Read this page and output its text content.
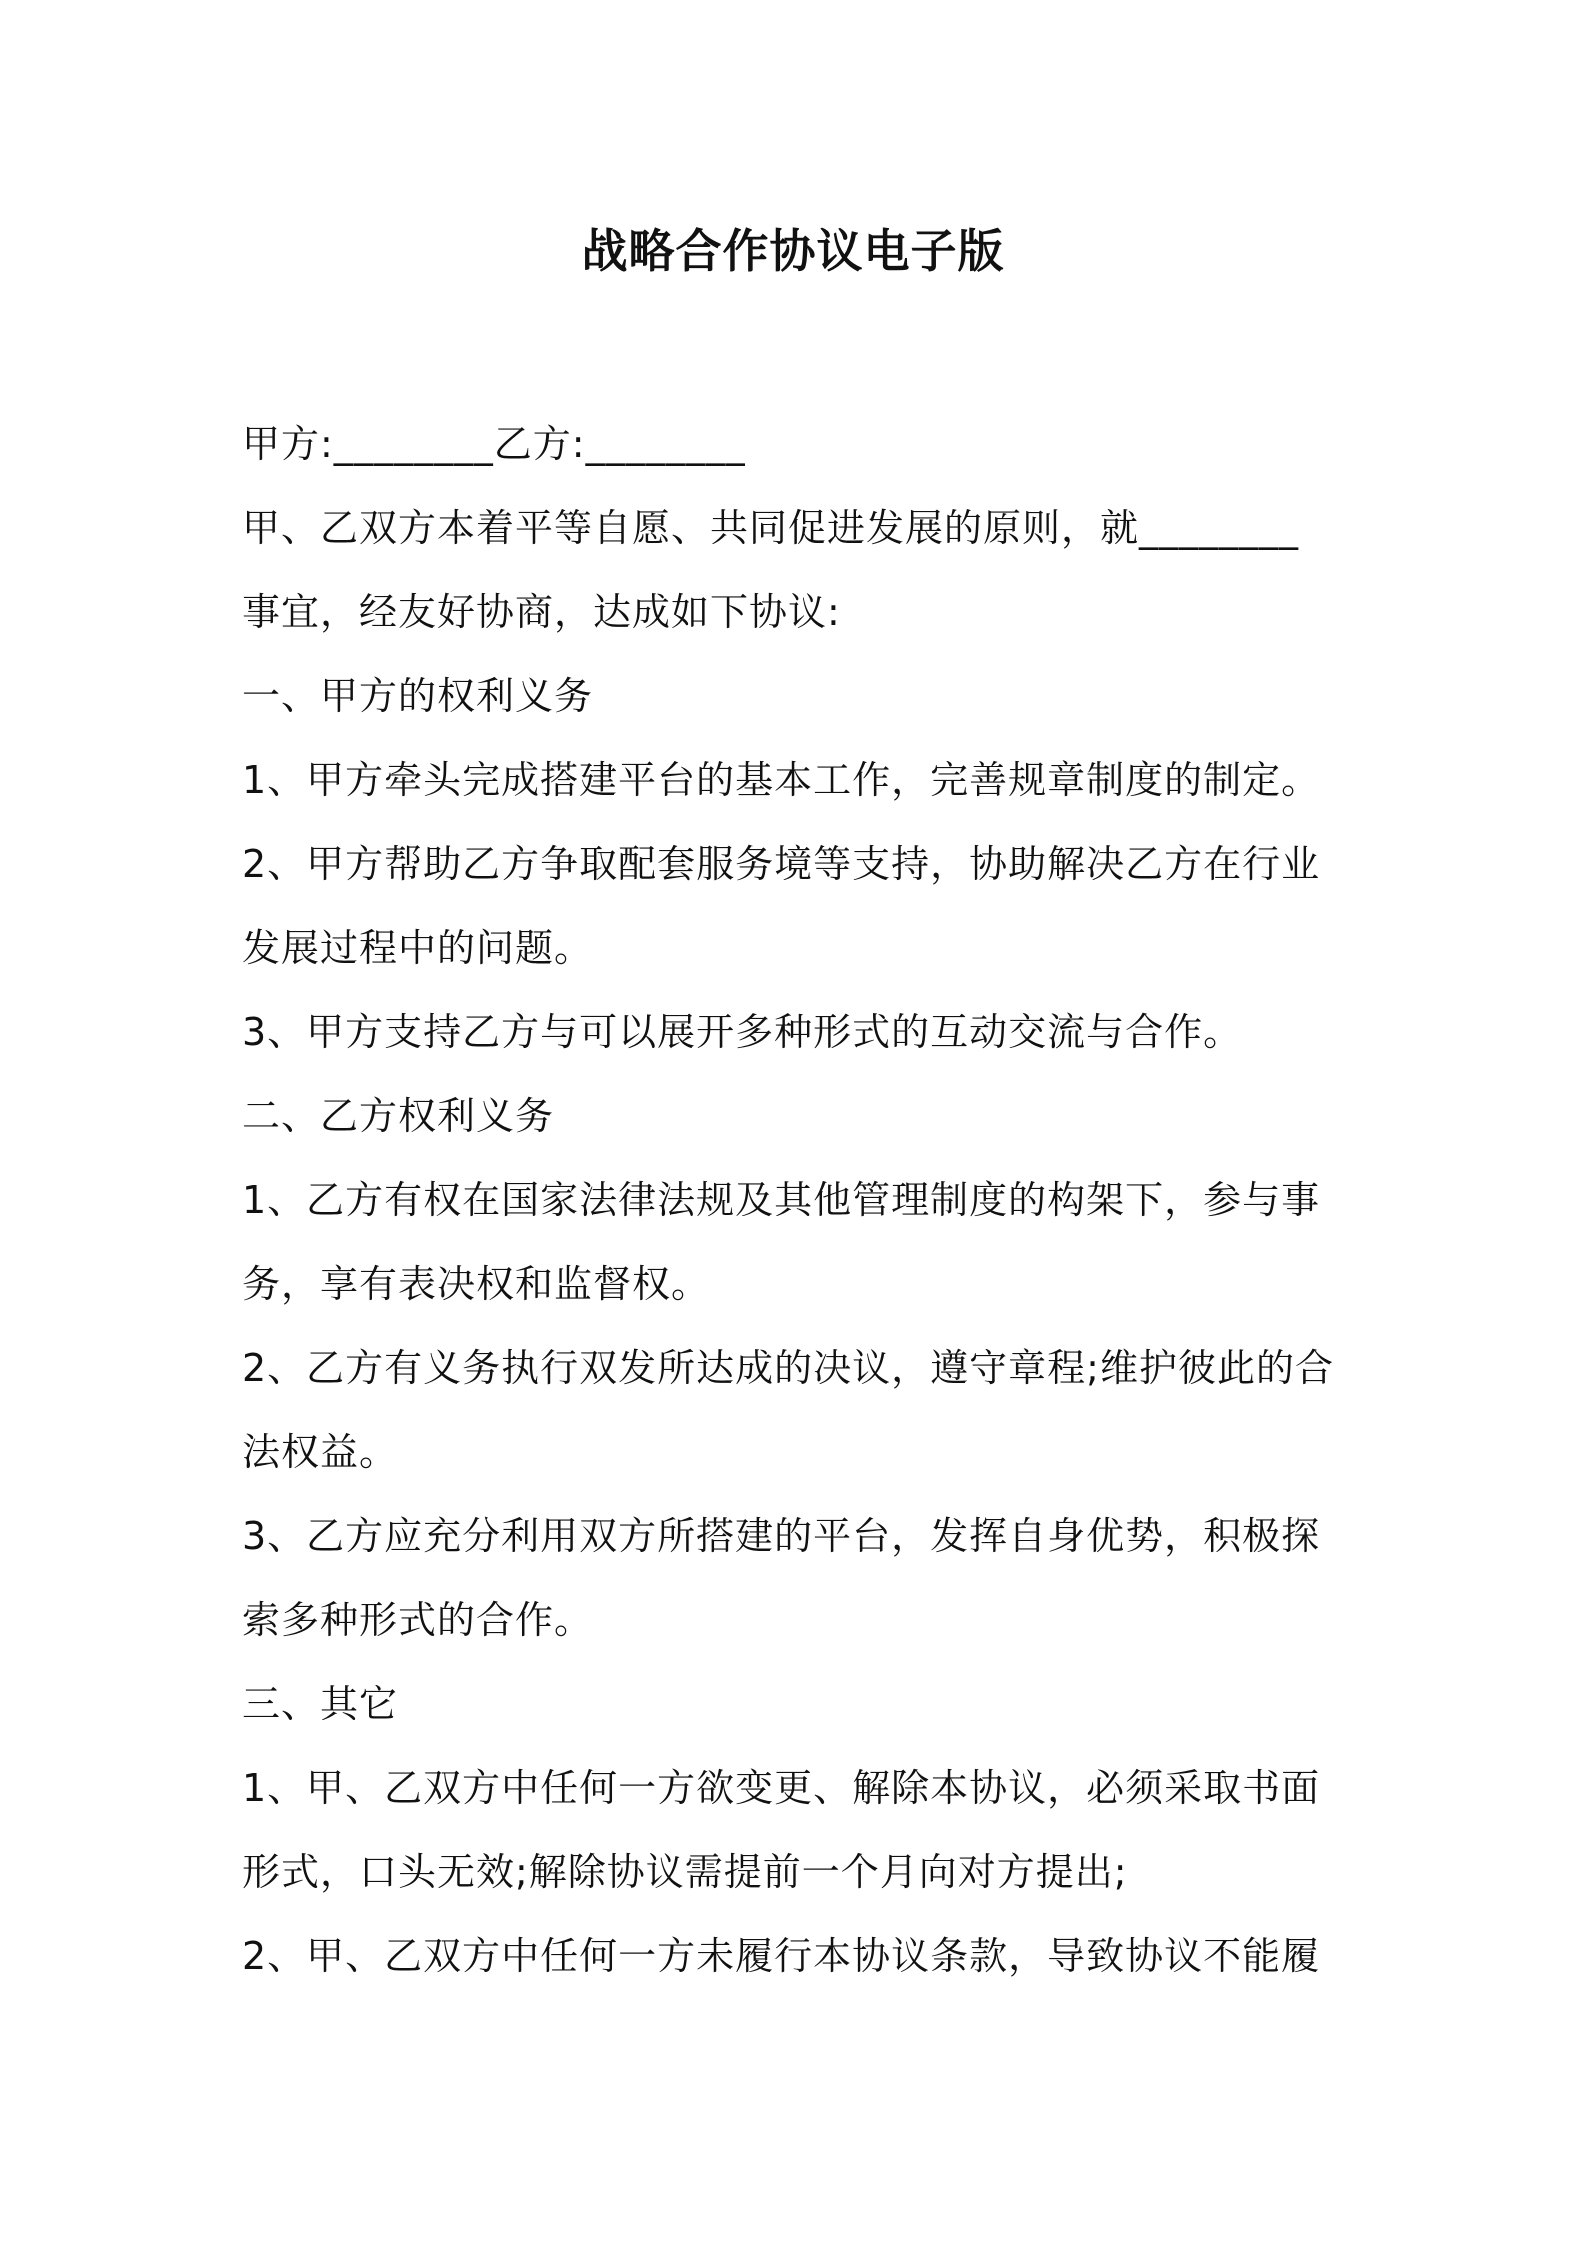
战略合作协议电子版
甲方:________乙方:________
甲、乙双方本着平等自愿、共同促进发展的原则，就________
事宜，经友好协商，达成如下协议:
一、甲方的权利义务
1、甲方牵头完成搭建平台的基本工作，完善规章制度的制定。
2、甲方帮助乙方争取配套服务境等支持，协助解决乙方在行业
发展过程中的问题。
3、甲方支持乙方与可以展开多种形式的互动交流与合作。
二、乙方权利义务
1、乙方有权在国家法律法规及其他管理制度的构架下，参与事
务，享有表决权和监督权。
2、乙方有义务执行双发所达成的决议，遵守章程;维护彼此的合
法权益。
3、乙方应充分利用双方所搭建的平台，发挥自身优势，积极探
索多种形式的合作。
三、其它
1、甲、乙双方中任何一方欲变更、解除本协议，必须采取书面
形式，口头无效;解除协议需提前一个月向对方提出;
2、甲、乙双方中任何一方未履行本协议条款，导致协议不能履
